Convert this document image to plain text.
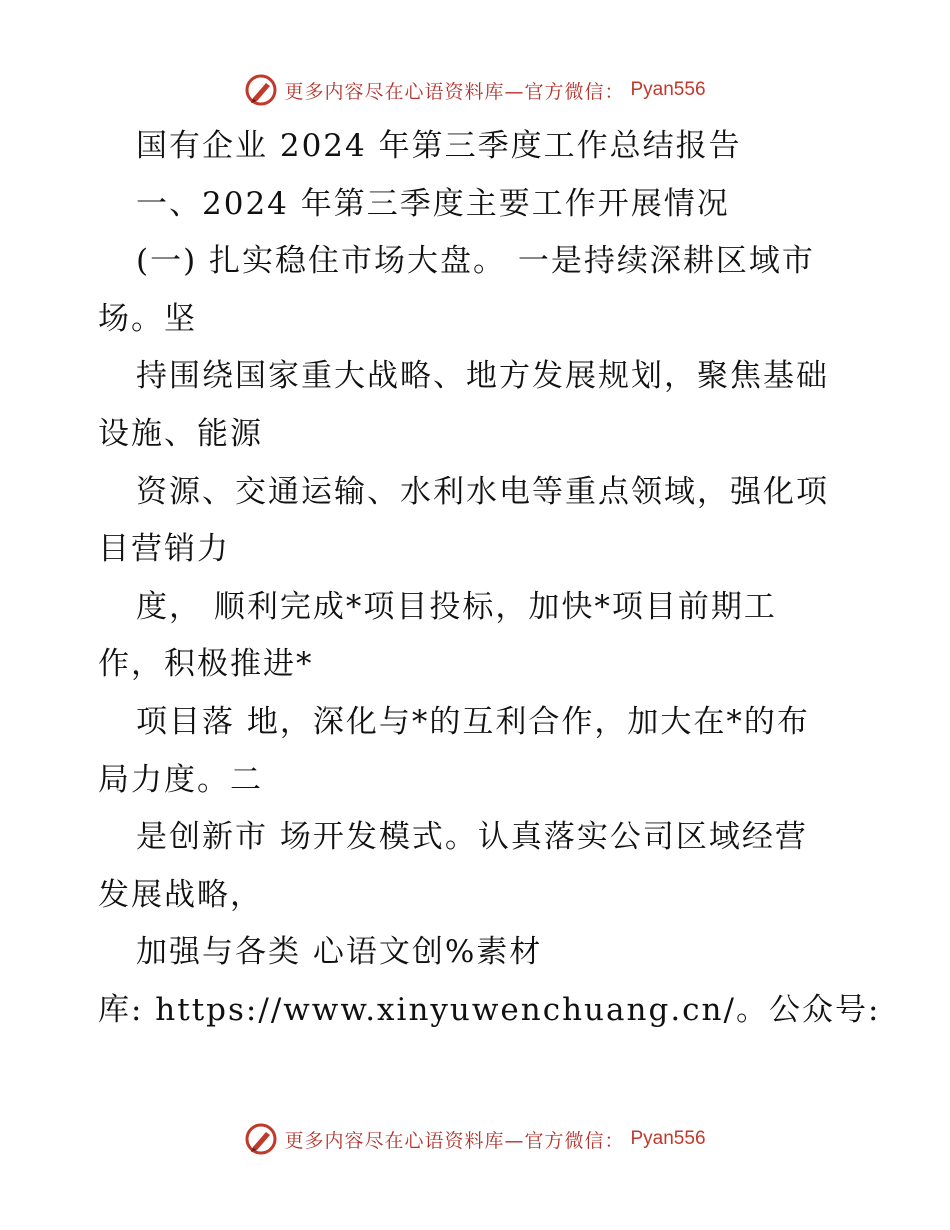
更多内容尽在心语资料库—官方微信： Pyan556
国有企业 2024 年第三季度工作总结报告
一、2024 年第三季度主要工作开展情况
(一) 扎实稳住市场大盘。 一是持续深耕区域市
场。坚
持围绕国家重大战略、地方发展规划，聚焦基础
设施、能源
资源、交通运输、水利水电等重点领域，强化项
目营销力
度， 顺利完成*项目投标，加快*项目前期工
作，积极推进*
项目落 地，深化与*的互利合作，加大在*的布
局力度。二
是创新市 场开发模式。认真落实公司区域经营
发展战略，
加强与各类 心语文创%素材
库: https://www.xinyuwenchuang.cn/。公众号:
更多内容尽在心语资料库—官方微信： Pyan556
